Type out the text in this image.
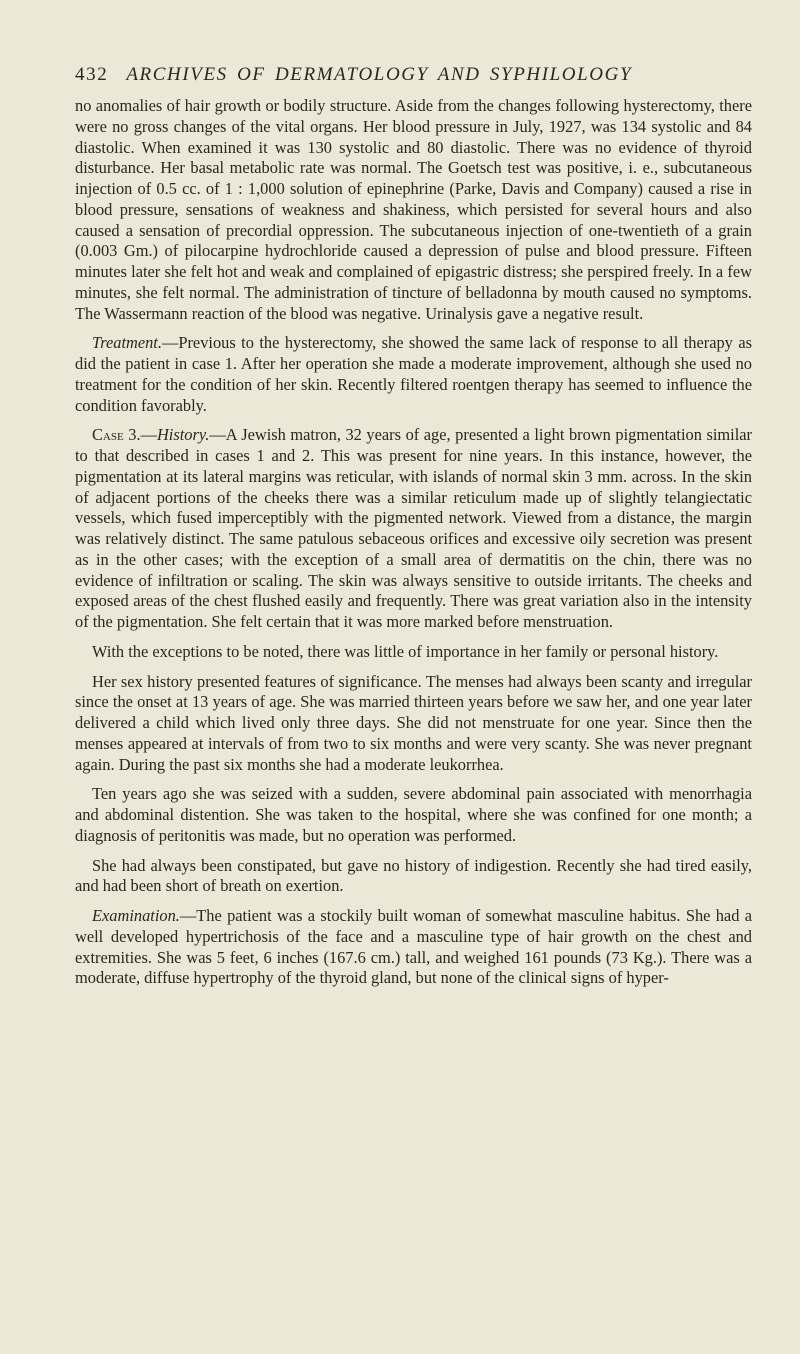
432 ARCHIVES OF DERMATOLOGY AND SYPHILOLOGY

no anomalies of hair growth or bodily structure. Aside from the changes following hysterectomy, there were no gross changes of the vital organs. Her blood pressure in July, 1927, was 134 systolic and 84 diastolic. When examined it was 130 systolic and 80 diastolic. There was no evidence of thyroid disturbance. Her basal metabolic rate was normal. The Goetsch test was positive, i. e., subcutaneous injection of 0.5 cc. of 1 : 1,000 solution of epinephrine (Parke, Davis and Company) caused a rise in blood pressure, sensations of weakness and shakiness, which persisted for several hours and also caused a sensation of precordial oppression. The subcutaneous injection of one-twentieth of a grain (0.003 Gm.) of pilocarpine hydrochloride caused a depression of pulse and blood pressure. Fifteen minutes later she felt hot and weak and complained of epigastric distress; she perspired freely. In a few minutes, she felt normal. The administration of tincture of belladonna by mouth caused no symptoms. The Wassermann reaction of the blood was negative. Urinalysis gave a negative result.

Treatment.—Previous to the hysterectomy, she showed the same lack of response to all therapy as did the patient in case 1. After her operation she made a moderate improvement, although she used no treatment for the condition of her skin. Recently filtered roentgen therapy has seemed to influence the condition favorably.

Case 3.—History.—A Jewish matron, 32 years of age, presented a light brown pigmentation similar to that described in cases 1 and 2. This was present for nine years. In this instance, however, the pigmentation at its lateral margins was reticular, with islands of normal skin 3 mm. across. In the skin of adjacent portions of the cheeks there was a similar reticulum made up of slightly telangiectatic vessels, which fused imperceptibly with the pigmented network. Viewed from a distance, the margin was relatively distinct. The same patulous sebaceous orifices and excessive oily secretion was present as in the other cases; with the exception of a small area of dermatitis on the chin, there was no evidence of infiltration or scaling. The skin was always sensitive to outside irritants. The cheeks and exposed areas of the chest flushed easily and frequently. There was great variation also in the intensity of the pigmentation. She felt certain that it was more marked before menstruation.

With the exceptions to be noted, there was little of importance in her family or personal history.

Her sex history presented features of significance. The menses had always been scanty and irregular since the onset at 13 years of age. She was married thirteen years before we saw her, and one year later delivered a child which lived only three days. She did not menstruate for one year. Since then the menses appeared at intervals of from two to six months and were very scanty. She was never pregnant again. During the past six months she had a moderate leukorrhea.

Ten years ago she was seized with a sudden, severe abdominal pain associated with menorrhagia and abdominal distention. She was taken to the hospital, where she was confined for one month; a diagnosis of peritonitis was made, but no operation was performed.

She had always been constipated, but gave no history of indigestion. Recently she had tired easily, and had been short of breath on exertion.

Examination.—The patient was a stockily built woman of somewhat masculine habitus. She had a well developed hypertrichosis of the face and a masculine type of hair growth on the chest and extremities. She was 5 feet, 6 inches (167.6 cm.) tall, and weighed 161 pounds (73 Kg.). There was a moderate, diffuse hypertrophy of the thyroid gland, but none of the clinical signs of hyper-
